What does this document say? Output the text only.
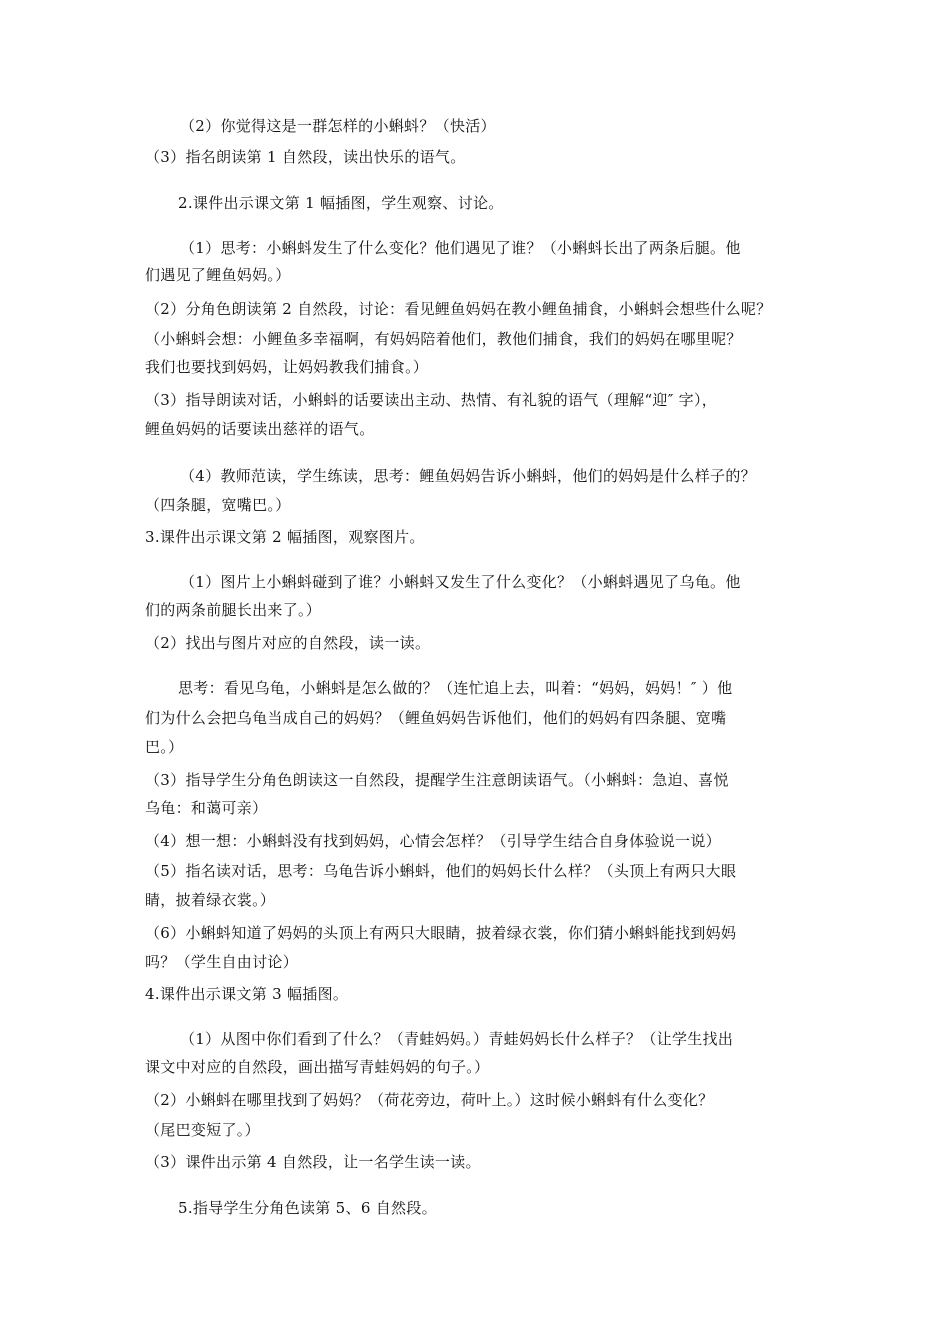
（2）你觉得这是一群怎样的小蝌蚪？（快活）
（3）指名朗读第 1 自然段，读出快乐的语气。
2.课件出示课文第 1 幅插图，学生观察、讨论。
（1）思考：小蝌蚪发生了什么变化？他们遇见了谁？（小蝌蚪长出了两条后腿。他
们遇见了鲤鱼妈妈。）
（2）分角色朗读第 2 自然段，讨论：看见鲤鱼妈妈在教小鲤鱼捕食，小蝌蚪会想些什么呢？
（小蝌蚪会想：小鲤鱼多幸福啊，有妈妈陪着他们，教他们捕食，我们的妈妈在哪里呢？
我们也要找到妈妈，让妈妈教我们捕食。）
（3）指导朗读对话，小蝌蚪的话要读出主动、热情、有礼貌的语气（理解“迎″ 字），
鲤鱼妈妈的话要读出慈祥的语气。
（4）教师范读，学生练读，思考：鲤鱼妈妈告诉小蝌蚪，他们的妈妈是什么样子的？
（四条腿，宽嘴巴。）
3.课件出示课文第 2 幅插图，观察图片。
（1）图片上小蝌蚪碰到了谁？小蝌蚪又发生了什么变化？（小蝌蚪遇见了乌龟。他
们的两条前腿长出来了。）
（2）找出与图片对应的自然段，读一读。
思考：看见乌龟，小蝌蚪是怎么做的？（连忙追上去，叫着：“妈妈，妈妈！″ ）他
们为什么会把乌龟当成自己的妈妈？（鲤鱼妈妈告诉他们，他们的妈妈有四条腿、宽嘴
巴。）
（3）指导学生分角色朗读这一自然段，提醒学生注意朗读语气。（小蝌蚪：急迫、喜悦
乌龟：和蔼可亲）
（4）想一想：小蝌蚪没有找到妈妈，心情会怎样？（引导学生结合自身体验说一说）
（5）指名读对话，思考：乌龟告诉小蝌蚪，他们的妈妈长什么样？（头顶上有两只大眼
睛，披着绿衣裳。）
（6）小蝌蚪知道了妈妈的头顶上有两只大眼睛，披着绿衣裳，你们猜小蝌蚪能找到妈妈
吗？（学生自由讨论）
4.课件出示课文第 3 幅插图。
（1）从图中你们看到了什么？（青蛙妈妈。）青蛙妈妈长什么样子？（让学生找出
课文中对应的自然段，画出描写青蛙妈妈的句子。）
（2）小蝌蚪在哪里找到了妈妈？（荷花旁边，荷叶上。）这时候小蝌蚪有什么变化？
（尾巴变短了。）
（3）课件出示第 4 自然段，让一名学生读一读。
5.指导学生分角色读第 5、6 自然段。
